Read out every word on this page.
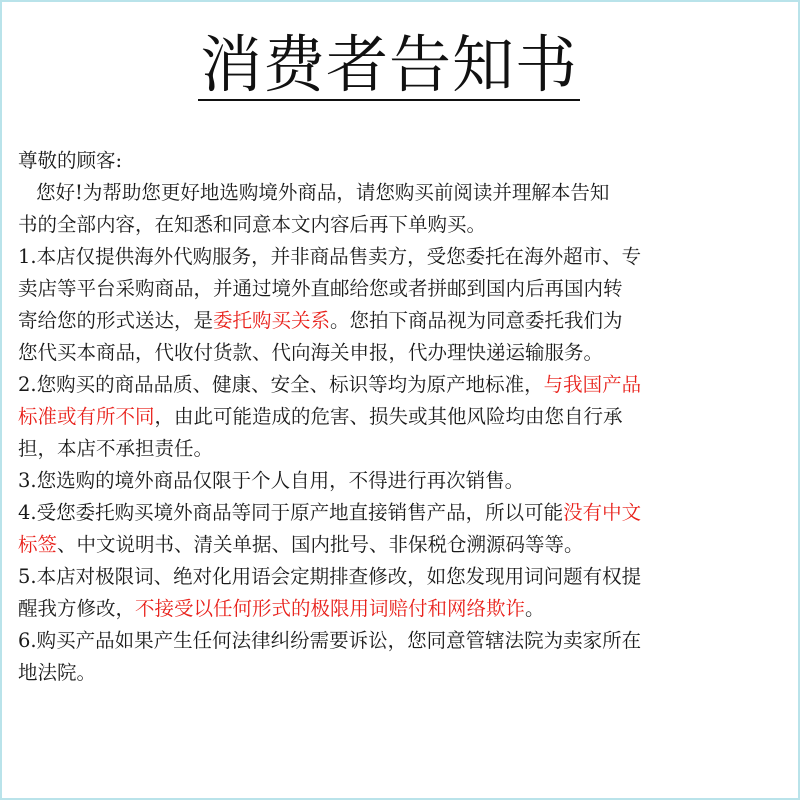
消费者告知书
尊敬的顾客:
您好!为帮助您更好地选购境外商品，请您购买前阅读并理解本告知
书的全部内容，在知悉和同意本文内容后再下单购买。
1.本店仅提供海外代购服务，并非商品售卖方，受您委托在海外超市、专
卖店等平台采购商品，并通过境外直邮给您或者拼邮到国内后再国内转
寄给您的形式送达，是委托购买关系。您拍下商品视为同意委托我们为
您代买本商品，代收付货款、代向海关申报，代办理快递运输服务。
2.您购买的商品品质、健康、安全、标识等均为原产地标准，与我国产品
标准或有所不同，由此可能造成的危害、损失或其他风险均由您自行承
担，本店不承担责任。
3.您选购的境外商品仅限于个人自用，不得进行再次销售。
4.受您委托购买境外商品等同于原产地直接销售产品，所以可能没有中文
标签、中文说明书、清关单据、国内批号、非保税仓溯源码等等。
5.本店对极限词、绝对化用语会定期排查修改，如您发现用词问题有权提
醒我方修改，不接受以任何形式的极限用词赔付和网络欺诈。
6.购买产品如果产生任何法律纠纷需要诉讼，您同意管辖法院为卖家所在
地法院。
